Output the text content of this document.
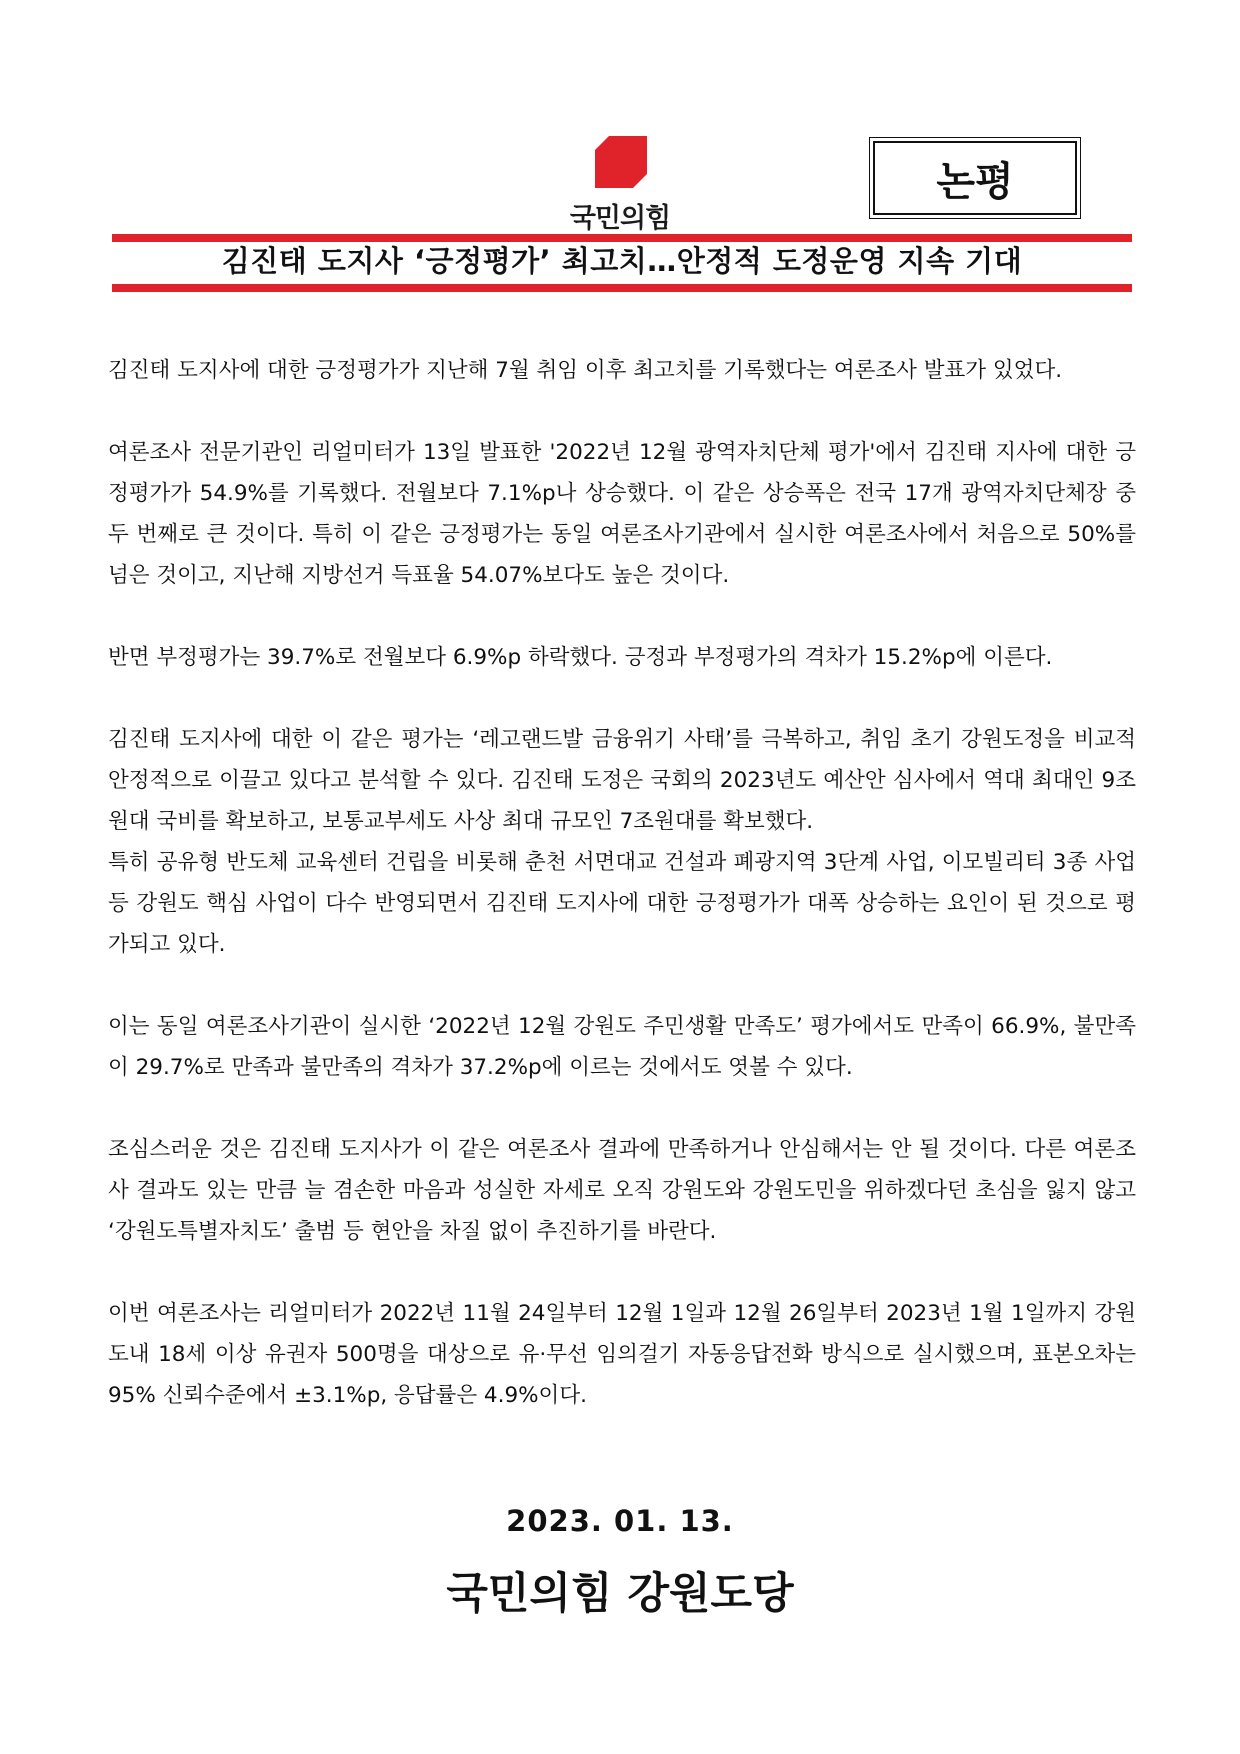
국민의힘
논평
김진태 도지사 ‘긍정평가’ 최고치…안정적 도정운영 지속 기대

김진태 도지사에 대한 긍정평가가 지난해 7월 취임 이후 최고치를 기록했다는 여론조사 발표가 있었다.

여론조사 전문기관인 리얼미터가 13일 발표한 '2022년 12월 광역자치단체 평가'에서 김진태 지사에 대한 긍정평가가 54.9%를 기록했다. 전월보다 7.1%p나 상승했다. 이 같은 상승폭은 전국 17개 광역자치단체장 중 두 번째로 큰 것이다. 특히 이 같은 긍정평가는 동일 여론조사기관에서 실시한 여론조사에서 처음으로 50%를 넘은 것이고, 지난해 지방선거 득표율 54.07%보다도 높은 것이다.

반면 부정평가는 39.7%로 전월보다 6.9%p 하락했다. 긍정과 부정평가의 격차가 15.2%p에 이른다.

김진태 도지사에 대한 이 같은 평가는 ‘레고랜드발 금융위기 사태’를 극복하고, 취임 초기 강원도정을 비교적 안정적으로 이끌고 있다고 분석할 수 있다. 김진태 도정은 국회의 2023년도 예산안 심사에서 역대 최대인 9조원대 국비를 확보하고, 보통교부세도 사상 최대 규모인 7조원대를 확보했다.

특히 공유형 반도체 교육센터 건립을 비롯해 춘천 서면대교 건설과 폐광지역 3단계 사업, 이모빌리티 3종 사업 등 강원도 핵심 사업이 다수 반영되면서 김진태 도지사에 대한 긍정평가가 대폭 상승하는 요인이 된 것으로 평가되고 있다.

이는 동일 여론조사기관이 실시한 ‘2022년 12월 강원도 주민생활 만족도’ 평가에서도 만족이 66.9%, 불만족이 29.7%로 만족과 불만족의 격차가 37.2%p에 이르는 것에서도 엿볼 수 있다.

조심스러운 것은 김진태 도지사가 이 같은 여론조사 결과에 만족하거나 안심해서는 안 될 것이다. 다른 여론조사 결과도 있는 만큼 늘 겸손한 마음과 성실한 자세로 오직 강원도와 강원도민을 위하겠다던 초심을 잃지 않고 ‘강원도특별자치도’ 출범 등 현안을 차질 없이 추진하기를 바란다.

이번 여론조사는 리얼미터가 2022년 11월 24일부터 12월 1일과 12월 26일부터 2023년 1월 1일까지 강원도내 18세 이상 유권자 500명을 대상으로 유·무선 임의걸기 자동응답전화 방식으로 실시했으며, 표본오차는 95% 신뢰수준에서 ±3.1%p, 응답률은 4.9%이다.

2023. 01. 13.
국민의힘 강원도당
